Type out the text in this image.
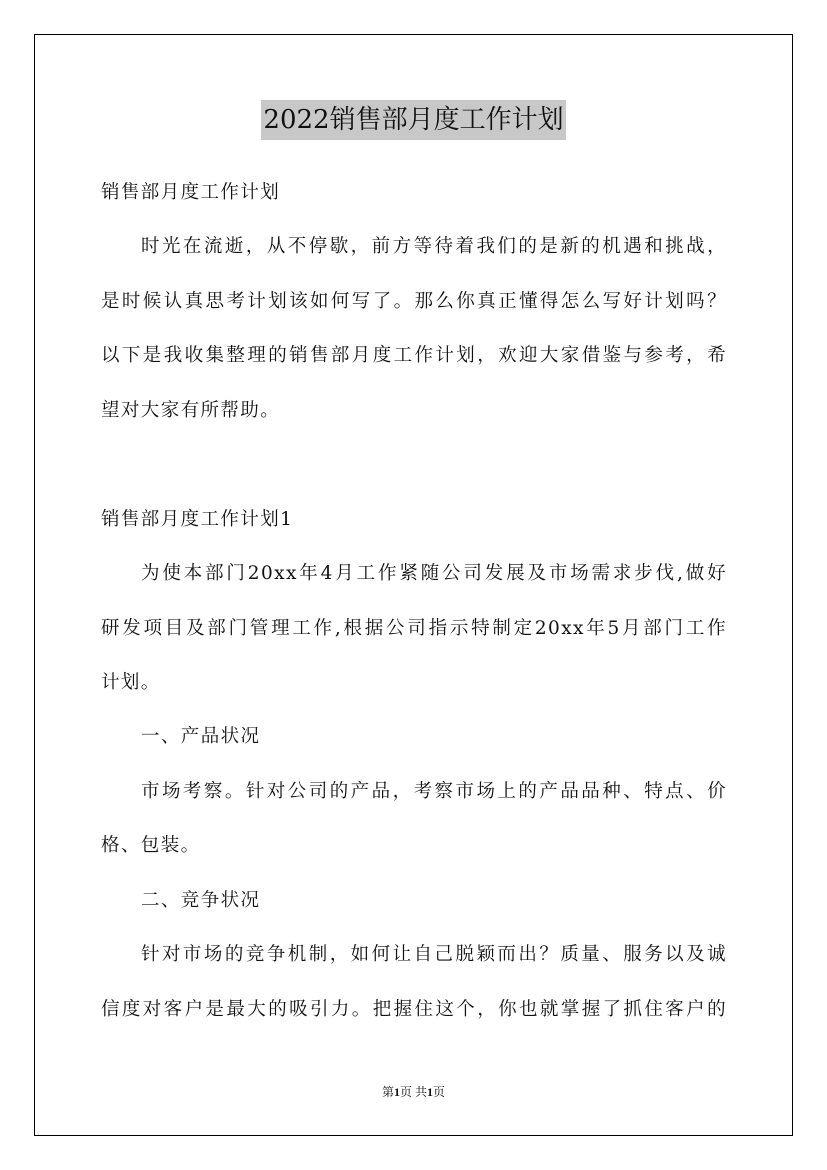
2022销售部月度工作计划
销售部月度工作计划
时光在流逝，从不停歇，前方等待着我们的是新的机遇和挑战，
是时候认真思考计划该如何写了。那么你真正懂得怎么写好计划吗？
以下是我收集整理的销售部月度工作计划，欢迎大家借鉴与参考，希
望对大家有所帮助。
销售部月度工作计划1
为使本部门20xx年4月工作紧随公司发展及市场需求步伐,做好
研发项目及部门管理工作,根据公司指示特制定20xx年5月部门工作
计划。
一、产品状况
市场考察。针对公司的产品，考察市场上的产品品种、特点、价
格、包装。
二、竞争状况
针对市场的竞争机制，如何让自己脱颖而出？质量、服务以及诚
信度对客户是最大的吸引力。把握住这个，你也就掌握了抓住客户的
第1页 共1页
